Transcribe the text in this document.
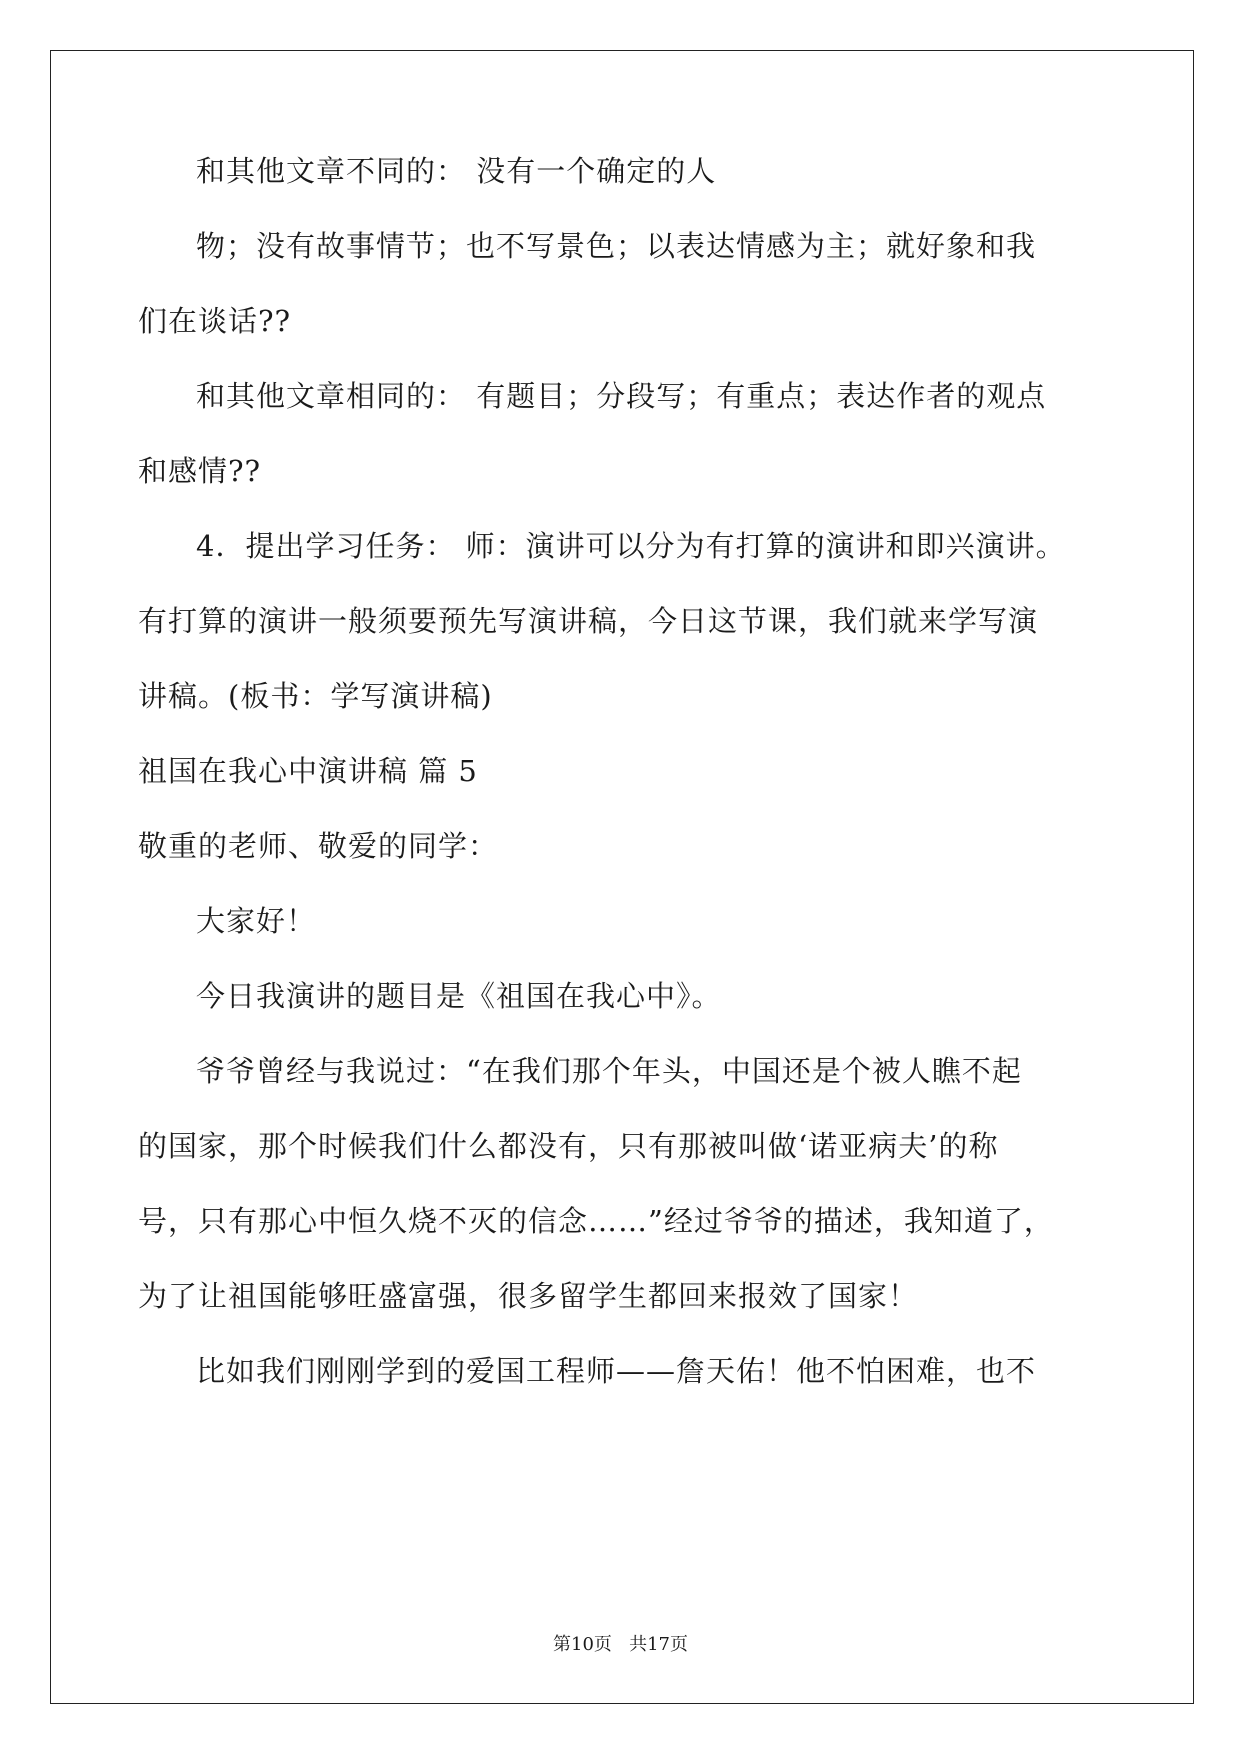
和其他文章不同的： 没有一个确定的人
物；没有故事情节；也不写景色；以表达情感为主；就好象和我
们在谈话??
和其他文章相同的： 有题目；分段写；有重点；表达作者的观点
和感情??
4．提出学习任务： 师：演讲可以分为有打算的演讲和即兴演讲。
有打算的演讲一般须要预先写演讲稿，今日这节课，我们就来学写演
讲稿。(板书：学写演讲稿)
祖国在我心中演讲稿 篇 5
敬重的老师、敬爱的同学：
大家好！
今日我演讲的题目是《祖国在我心中》。
爷爷曾经与我说过：“在我们那个年头，中国还是个被人瞧不起
的国家，那个时候我们什么都没有，只有那被叫做‘诺亚病夫’的称
号，只有那心中恒久烧不灭的信念……”经过爷爷的描述，我知道了，
为了让祖国能够旺盛富强，很多留学生都回来报效了国家！
比如我们刚刚学到的爱国工程师——詹天佑！他不怕困难，也不
第10页   共17页
